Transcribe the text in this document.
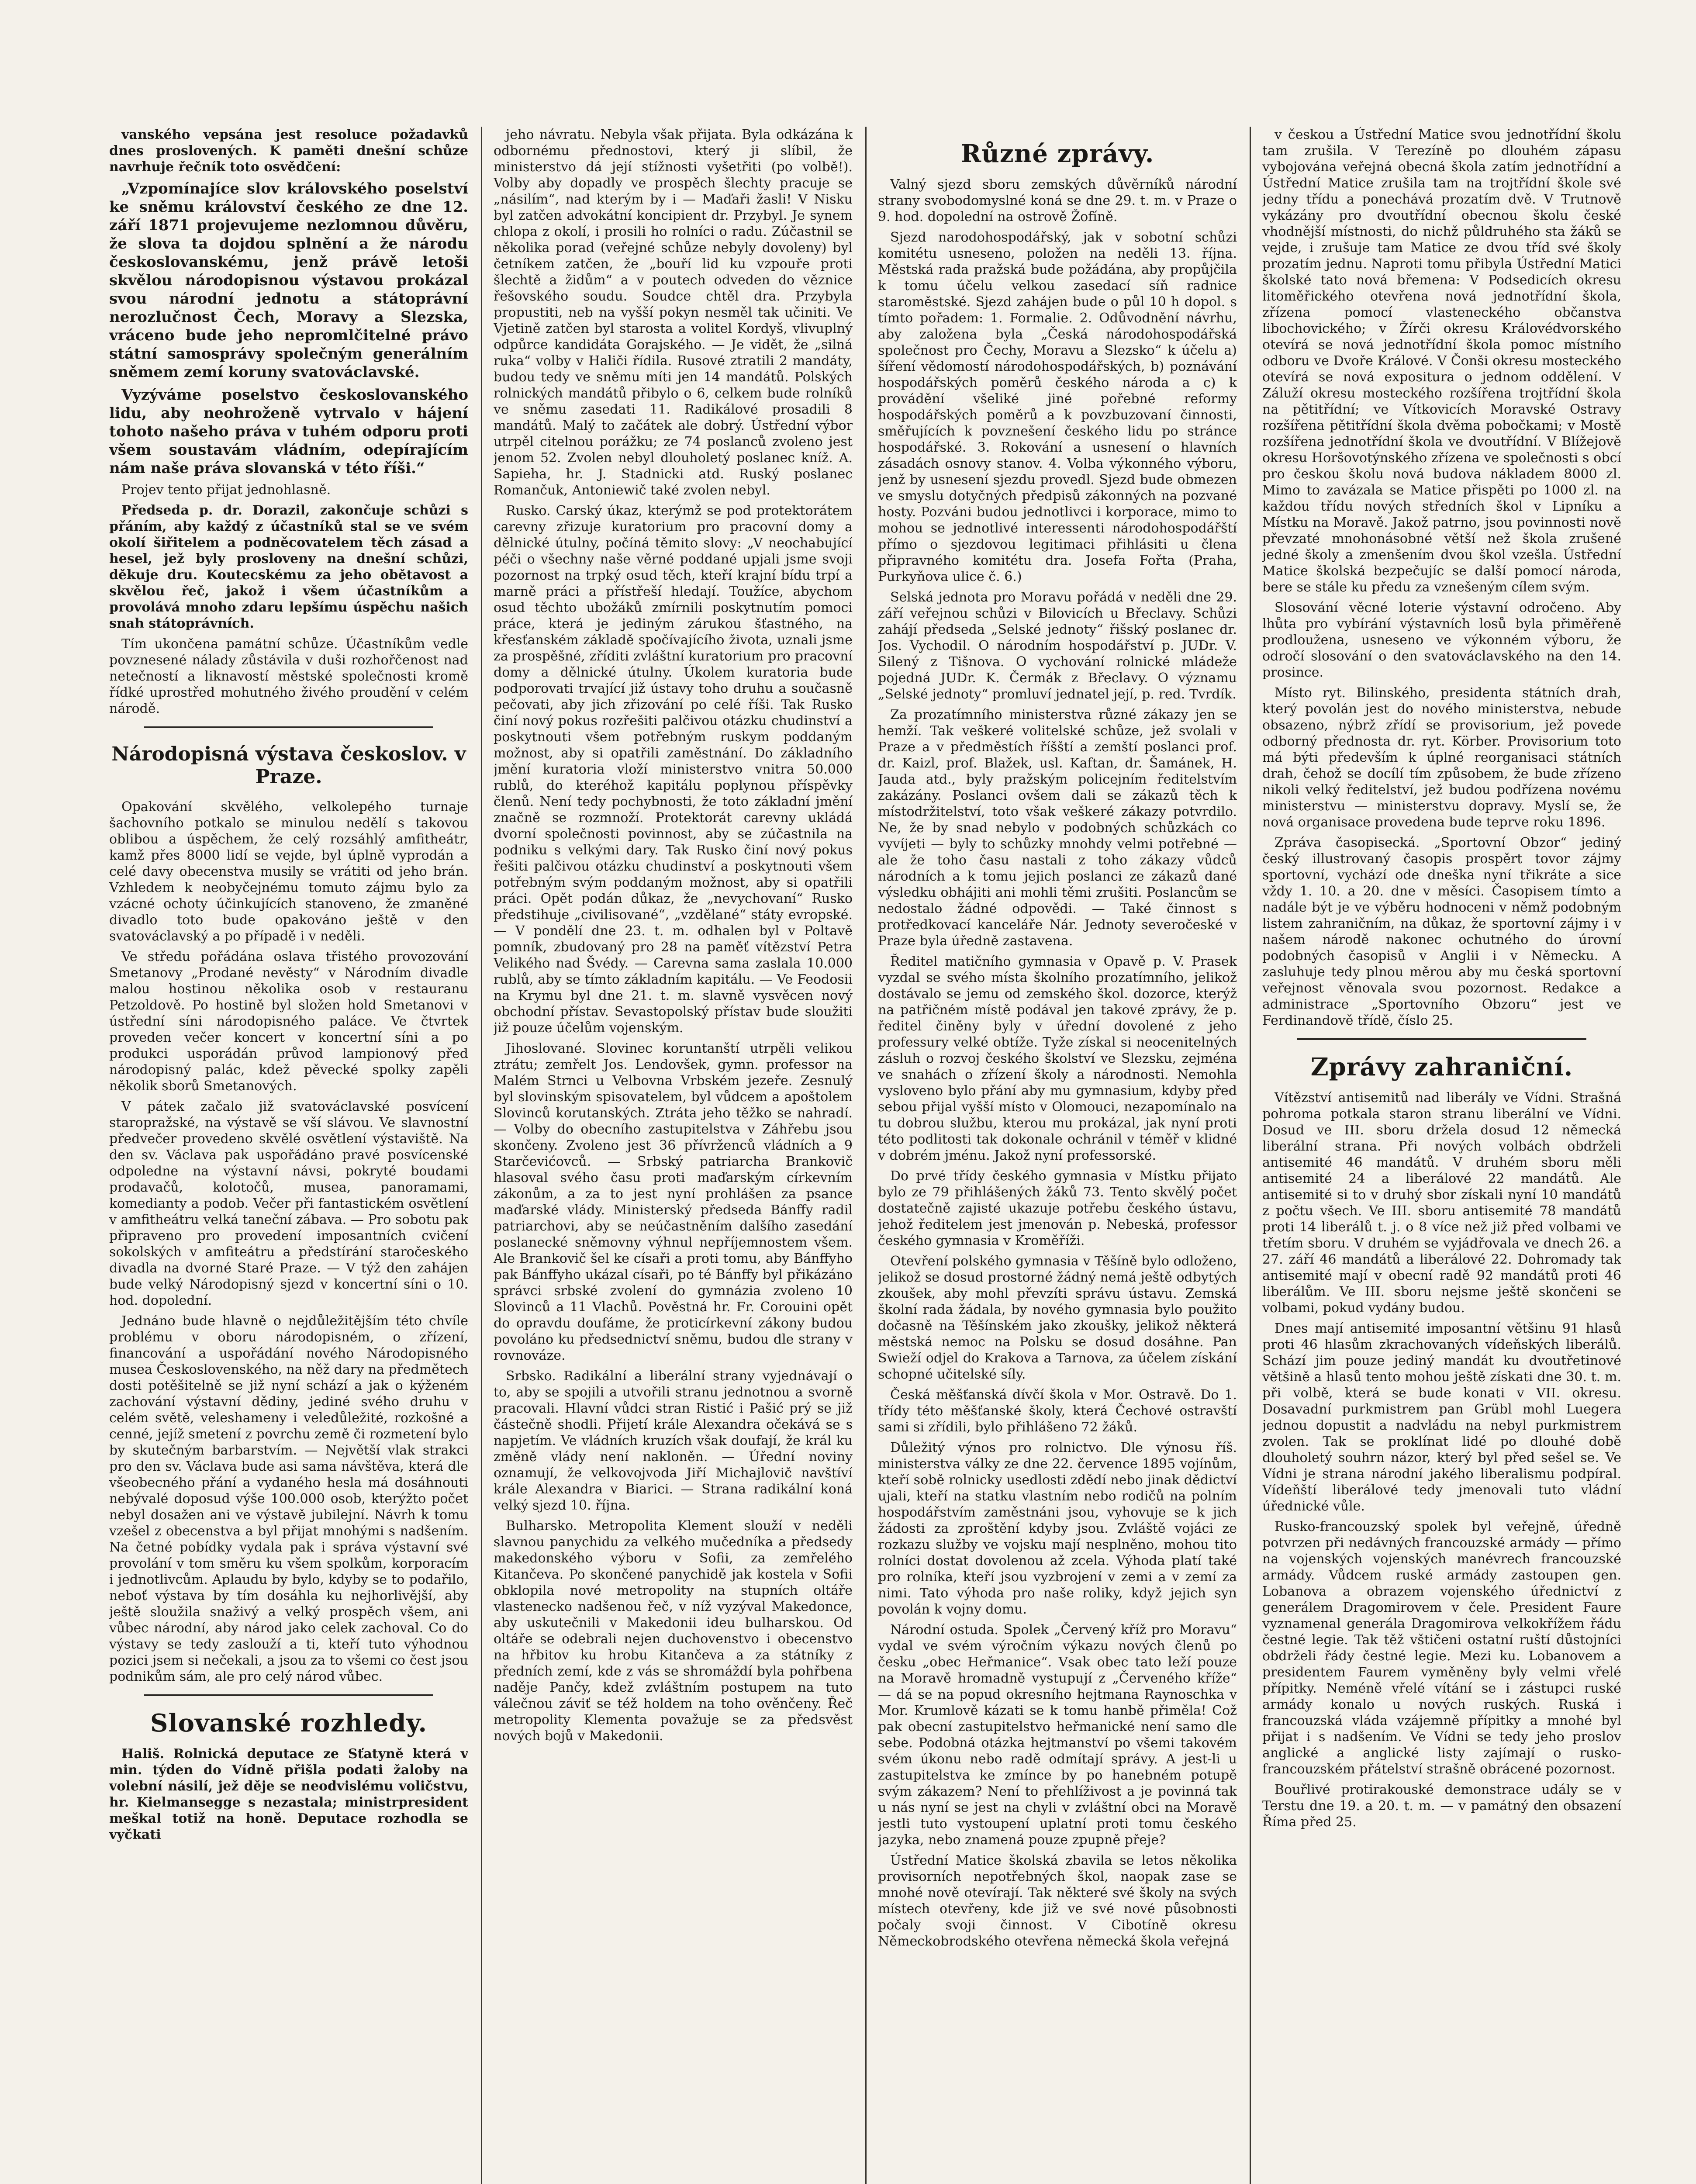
vanského vepsána jest resoluce požadavků dnes proslovených. K paměti dnešní schůze navrhuje řečník toto osvědčení:

„Vzpomínajíce slov královského poselství ke sněmu království českého ze dne 12. září 1871 projevujeme nezlomnou důvěru, že slova ta dojdou splnění a že národu českoslovanskému, jenž právě letoši skvělou národopisnou výstavou prokázal svou národní jednotu a státoprávní nerozlučnost Čech, Moravy a Slezska, vráceno bude jeho nepromlčitelné právo státní samosprávy společným generálním sněmem zemí koruny svatováclavské.

Vyzýváme poselstvo českoslovanského lidu, aby neohroženě vytrvalo v hájení tohoto našeho práva v tuhém odporu proti všem soustavám vládním, odepírajícím nám naše práva slovanská v této říši.“

Projev tento přijat jednohlasně.

Předseda p. dr. Dorazil, zakončuje schůzi s přáním, aby každý z účastníků stal se ve svém okolí šiřitelem a podněcovatelem těch zásad a hesel, jež byly prosloveny na dnešní schůzi, děkuje dru. Koutecskému za jeho obětavost a skvělou řeč, jakož i všem účastníkům a provolává mnoho zdaru lepšímu úspěchu našich snah státoprávních.

Tím ukončena památní schůze. Účastníkům vedle povznesené nálady zůstávila v duši rozhořčenost nad netečností a liknavostí městské společnosti kromě řídké uprostřed mohutného živého proudění v celém národě.

Národopisná výstava českoslov. v Praze.

Opakování skvělého, velkolepého turnaje šachovního potkalo se minulou nedělí s takovou oblibou a úspěchem, že celý rozsáhlý amfitheátr, kamž přes 8000 lidí se vejde, byl úplně vyprodán a celé davy obecenstva musily se vrátiti od jeho brán. Vzhledem k neobyčejnému tomuto zájmu bylo za vzácné ochoty účinkujících stanoveno, že zmaněné divadlo toto bude opakováno ještě v den svatováclavský a po případě i v neděli.

Ve středu pořádána oslava třistého provozování Smetanovy „Prodané nevěsty“ v Národním divadle malou hostinou několika osob v restauranu Petzoldově. Po hostině byl složen hold Smetanovi v ústřední síni národopisného paláce. Ve čtvrtek proveden večer koncert v koncertní síni a po produkci usporádán průvod lampionový před národopisný palác, kdež pěvecké spolky zapěli několik sborů Smetanových.

V pátek začalo již svatováclavské posvícení staropražské, na výstavě se vší slávou. Ve slavnostní předvečer provedeno skvělé osvětlení výstaviště. Na den sv. Václava pak uspořádáno pravé posvícenské odpoledne na výstavní návsi, pokryté boudami prodavačů, kolotočů, musea, panoramami, komedianty a podob. Večer při fantastickém osvětlení v amfitheátru velká taneční zábava. — Pro sobotu pak připraveno pro provedení imposantních cvičení sokolských v amfiteátru a předstírání staročeského divadla na dvorné Staré Praze. — V týž den zahájen bude velký Národopisný sjezd v koncertní síni o 10. hod. dopolední.

Jednáno bude hlavně o nejdůležitějším této chvíle problému v oboru národopisném, o zřízení, financování a uspořádání nového Národopisného musea Československého, na něž dary na předmětech dosti potěšitelně se již nyní schází a jak o kýženém zachování výstavní dědiny, jediné svého druhu v celém světě, veleshameny i veledůležité, rozkošné a cenné, jejíž smetení z povrchu země či rozmetení bylo by skutečným barbarstvím. — Největší vlak strakci pro den sv. Václava bude asi sama návštěva, která dle všeobecného přání a vydaného hesla má dosáhnouti nebývalé doposud výše 100.000 osob, kterýžto počet nebyl dosažen ani ve výstavě jubilejní. Návrh k tomu vzešel z obecenstva a byl přijat mnohými s nadšením. Na četné pobídky vydala pak i správa výstavní své provolání v tom směru ku všem spolkům, korporacím i jednotlivcům. Aplaudu by bylo, kdyby se to podařilo, neboť výstava by tím dosáhla ku nejhorlivější, aby ještě sloužila snaživý a velký prospěch všem, ani vůbec národní, aby národ jako celek zachoval. Co do výstavy se tedy zaslouží a ti, kteří tuto výhodnou pozici jsem si nečekali, a jsou za to všemi co čest jsou podnikům sám, ale pro celý národ vůbec.

Slovanské rozhledy.

Hališ. Rolnická deputace ze Sťatyně která v min. týden do Vídně přišla podati žaloby na volební násilí, jež děje se neodvislému voličstvu, hr. Kielmansegge s nezastala; ministrpresident meškal totiž na honě. Deputace rozhodla se vyčkati

jeho návratu. Nebyla však přijata. Byla odkázána k odbornému přednostovi, který ji slíbil, že ministerstvo dá její stížnosti vyšetřiti (po volbě!). Volby aby dopadly ve prospěch šlechty pracuje se „násilím“, nad kterým by i — Maďaři žasli! V Nisku byl zatčen advokátní koncipient dr. Przybyl. Je synem chlopa z okolí, i prosili ho rolníci o radu. Zúčastnil se několika porad (veřejné schůze nebyly dovoleny) byl četníkem zatčen, že „bouří lid ku vzpouře proti šlechtě a židům“ a v poutech odveden do věznice řešovského soudu. Soudce chtěl dra. Przybyla propustiti, neb na vyšší pokyn nesměl tak učiniti. Ve Vjetině zatčen byl starosta a volitel Kordyš, vlivuplný odpůrce kandidáta Gorajského. — Je vidět, že „silná ruka“ volby v Haliči řídila. Rusové ztratili 2 mandáty, budou tedy ve sněmu míti jen 14 mandátů. Polských rolnických mandátů přibylo o 6, celkem bude rolníků ve sněmu zasedati 11. Radikálové prosadili 8 mandátů. Malý to začátek ale dobrý. Ústřední výbor utrpěl citelnou porážku; ze 74 poslanců zvoleno jest jenom 52. Zvolen nebyl dlouholetý poslanec kníž. A. Sapieha, hr. J. Stadnicki atd. Ruský poslanec Romančuk, Antoniewič také zvolen nebyl.

Rusko. Carský úkaz, kterýmž se pod protektorátem carevny zřizuje kuratorium pro pracovní domy a dělnické útulny, počíná těmito slovy: „V neochabující péči o všechny naše věrné poddané upjali jsme svoji pozornost na trpký osud těch, kteří krajní bídu trpí a marně práci a přístřeší hledají. Toužíce, abychom osud těchto ubožáků zmírnili poskytnutím pomoci práce, která je jediným zárukou šťastného, na křesťanském základě spočívajícího života, uznali jsme za prospěšné, zříditi zvláštní kuratorium pro pracovní domy a dělnické útulny. Úkolem kuratoria bude podporovati trvající již ústavy toho druhu a současně pečovati, aby jich zřizování po celé říši. Tak Rusko činí nový pokus rozřešiti palčivou otázku chudinství a poskytnouti všem potřebným ruskym poddaným možnost, aby si opatřili zaměstnání. Do základního jmění kuratoria vloží ministerstvo vnitra 50.000 rublů, do kteréhož kapitálu poplynou příspěvky členů. Není tedy pochybnosti, že toto základní jmění značně se rozmnoží. Protektorát carevny ukládá dvorní společnosti povinnost, aby se zúčastnila na podniku s velkými dary. Tak Rusko činí nový pokus řešiti palčivou otázku chudinství a poskytnouti všem potřebným svým poddaným možnost, aby si opatřili práci. Opět podán důkaz, že „nevychovaní“ Rusko předstihuje „civilisované“, „vzdělané“ státy evropské. — V pondělí dne 23. t. m. odhalen byl v Poltavě pomník, zbudovaný pro 28 na paměť vítězství Petra Velikého nad Švédy. — Carevna sama zaslala 10.000 rublů, aby se tímto základním kapitálu. — Ve Feodosii na Krymu byl dne 21. t. m. slavně vysvěcen nový obchodní přístav. Sevastopolský přístav bude sloužiti již pouze účelům vojenským.

Jihoslované. Slovinec koruntanští utrpěli velikou ztrátu; zemřelt Jos. Lendovšek, gymn. professor na Malém Strnci u Velbovna Vrbském jezeře. Zesnulý byl slovinským spisovatelem, byl vůdcem a apoštolem Slovinců korutanských. Ztráta jeho těžko se nahradí. — Volby do obecního zastupitelstva v Záhřebu jsou skončeny. Zvoleno jest 36 přívrženců vládních a 9 Starčevićovců. — Srbský patriarcha Brankovič hlasoval svého času proti maďarským církevním zákonům, a za to jest nyní prohlášen za psance maďarské vlády. Ministerský předseda Bánffy radil patriarchovi, aby se neúčastněním dalšího zasedání poslanecké sněmovny výhnul nepříjemnostem všem. Ale Brankovič šel ke císaři a proti tomu, aby Bánffyho pak Bánffyho ukázal císaři, po té Bánffy byl přikázáno správci srbské zvolení do gymnázia zvoleno 10 Slovinců a 11 Vlachů. Pověstná hr. Fr. Corouini opět do opravdu doufáme, že proticírkevní zákony budou povoláno ku předsednictví sněmu, budou dle strany v rovnováze.

Srbsko. Radikální a liberální strany vyjednávají o to, aby se spojili a utvořili stranu jednotnou a svorně pracovali. Hlavní vůdci stran Ristić i Pašić prý se již částečně shodli. Přijetí krále Alexandra očekává se s napjetím. Ve vládních kruzích však doufají, že král ku změně vlády není nakloněn. — Úřední noviny oznamují, že velkovojvoda Jiří Michajlovič navštíví krále Alexandra v Biarici. — Strana radikální koná velký sjezd 10. října.

Bulharsko. Metropolita Klement slouží v neděli slavnou panychidu za velkého mučedníka a předsedy makedonského výboru v Sofii, za zemřelého Kitančeva. Po skončené panychidě jak kostela v Sofii obklopila nové metropolity na stupních oltáře vlastenecko nadšenou řeč, v níž vyzýval Makedonce, aby uskutečnili v Makedonii ideu bulharskou. Od oltáře se odebrali nejen duchovenstvo i obecenstvo na hřbitov ku hrobu Kitančeva a za státníky z předních zemí, kde z vás se shromáždí byla pohřbena naděje Pančy, kdež zvláštním postupem na tuto válečnou záviť se též holdem na toho ověnčeny. Řeč metropolity Klementa považuje se za předsvěst nových bojů v Makedonii.

Různé zprávy.

Valný sjezd sboru zemských důvěrníků národní strany svobodomyslné koná se dne 29. t. m. v Praze o 9. hod. dopolední na ostrově Žofíně.

Sjezd narodohospodářský, jak v sobotní schůzi komitétu usneseno, položen na neděli 13. října. Městská rada pražská bude požádána, aby propůjčila k tomu účelu velkou zasedací síň radnice staroměstské. Sjezd zahájen bude o půl 10 h dopol. s tímto pořadem: 1. Formalie. 2. Odůvodnění návrhu, aby založena byla „Česká národohospodářská společnost pro Čechy, Moravu a Slezsko“ k účelu a) šíření vědomostí národohospodářských, b) poznávání hospodářských poměrů českého národa a c) k provádění všeliké jiné pořebné reformy hospodářských poměrů a k povzbuzovaní činnosti, směřujících k povznešení českého lidu po stránce hospodářské. 3. Rokování a usnesení o hlavních zásadách osnovy stanov. 4. Volba výkonného výboru, jenž by usnesení sjezdu provedl. Sjezd bude obmezen ve smyslu dotyčných předpisů zákonných na pozvané hosty. Pozváni budou jednotlivci i korporace, mimo to mohou se jednotlivé interessenti národohospodářští přímo o sjezdovou legitimaci přihlásiti u člena připravného komitétu dra. Josefa Fořta (Praha, Purkyňova ulice č. 6.)

Selská jednota pro Moravu pořádá v neděli dne 29. září veřejnou schůzi v Bilovicích u Břeclavy. Schůzi zahájí předseda „Selské jednoty“ řišský poslanec dr. Jos. Vychodil. O národním hospodářství p. JUDr. V. Silený z Tišnova. O vychování rolnické mládeže pojedná JUDr. K. Čermák z Břeclavy. O významu „Selské jednoty“ promluví jednatel její, p. red. Tvrdík.

Za prozatímního ministerstva různé zákazy jen se hemží. Tak veškeré volitelské schůze, jež svolali v Praze a v předměstích říšští a zemští poslanci prof. dr. Kaizl, prof. Blažek, usl. Kaftan, dr. Šamánek, H. Jauda atd., byly pražským policejním ředitelstvím zakázány. Poslanci ovšem dali se zákazů těch k místodržitelství, toto však veškeré zákazy potvrdilo. Ne, že by snad nebylo v podobných schůzkách co vyvíjeti — byly to schůzky mnohdy velmi potřebné — ale že toho času nastali z toho zákazy vůdců národních a k tomu jejich poslanci ze zákazů dané výsledku obhájiti ani mohli těmi zrušiti. Poslancům se nedostalo žádné odpovědi. — Také činnost s protředkovací kanceláře Nár. Jednoty severočeské v Praze byla úředně zastavena.

Ředitel matičního gymnasia v Opavě p. V. Prasek vyzdal se svého místa školního prozatímního, jelikož dostávalo se jemu od zemského škol. dozorce, kterýž na patřičném místě podával jen takové zprávy, že p. ředitel činěny byly v úřední dovolené z jeho professury velké obtíže. Tyže získal si neocenitelných zásluh o rozvoj českého školství ve Slezsku, zejména ve snahách o zřízení školy a národnosti. Nemohla vysloveno bylo přání aby mu gymnasium, kdyby před sebou přijal vyšší místo v Olomouci, nezapomínalo na tu dobrou službu, kterou mu prokázal, jak nyní proti této podlitosti tak dokonale ochránil v téměř v klidné v dobrém jménu. Jakož nyní professorské.

Do prvé třídy českého gymnasia v Místku přijato bylo ze 79 přihlášených žáků 73. Tento skvělý počet dostatečně zajisté ukazuje potřebu českého ústavu, jehož ředitelem jest jmenován p. Nebeská, professor českého gymnasia v Kroměříži.

Otevření polského gymnasia v Těšíně bylo odloženo, jelikož se dosud prostorné žádný nemá ještě odbytých zkoušek, aby mohl převzíti správu ústavu. Zemská školní rada žádala, by nového gymnasia bylo použito dočasně na Těšínském jako zkoušky, jelikož některá městská nemoc na Polsku se dosud dosáhne. Pan Swieží odjel do Krakova a Tarnova, za účelem získání schopné učitelské síly.

Česká měšťanská dívčí škola v Mor. Ostravě. Do 1. třídy této měšťanské školy, která Čechové ostravští sami si zřídili, bylo přihlášeno 72 žáků.

Důležitý výnos pro rolnictvo. Dle výnosu říš. ministerstva války ze dne 22. července 1895 vojínům, kteří sobě rolnicky usedlosti zdědí nebo jinak dědictví ujali, kteří na statku vlastním nebo rodičů na polním hospodářstvím zaměstnáni jsou, vyhovuje se k jich žádosti za zproštění kdyby jsou. Zvláště vojáci ze rozkazu služby ve vojsku mají nesplněno, mohou tito rolníci dostat dovolenou až zcela. Výhoda platí také pro rolníka, kteří jsou vyzbrojení v zemi a v zemí za nimi. Tato výhoda pro naše roliky, když jejich syn povolán k vojny domu.

Národní ostuda. Spolek „Červený kříž pro Moravu“ vydal ve svém výročním výkazu nových členů po česku „obec Heřmanice“. Vsak obec tato leží pouze na Moravě hromadně vystupují z „Červeného kříže“ — dá se na popud okresního hejtmana Raynoschka v Mor. Krumlově kázati se k tomu hanbě přiměla! Což pak obecní zastupitelstvo heřmanické není samo dle sebe. Podobná otázka hejtmanství po všemi takovém svém úkonu nebo radě odmítají správy. A jest-li u zastupitelstva ke zmínce by po hanebném potupě svým zákazem? Není to přehlíživost a je povinná tak u nás nyní se jest na chyli v zvláštní obci na Moravě jestli tuto vystoupení uplatní proti tomu českého jazyka, nebo znamená pouze zpupně přeje?

Ústřední Matice školská zbavila se letos několika provisorních nepotřebných škol, naopak zase se mnohé nově otevírají. Tak některé své školy na svých místech otevřeny, kde již ve své nové působnosti počaly svoji činnost. V Cibotíně okresu Německobrodského otevřena německá škola veřejná

v českou a Ústřední Matice svou jednotřídní školu tam zrušila. V Terezíně po dlouhém zápasu vybojována veřejná obecná škola zatím jednotřídní a Ústřední Matice zrušila tam na trojtřídní škole své jedny třídu a ponechává prozatím dvě. V Trutnově vykázány pro dvoutřídní obecnou školu české vhodnější místnosti, do nichž půldruhého sta žáků se vejde, i zrušuje tam Matice ze dvou tříd své školy prozatím jednu. Naproti tomu přibyla Ústřední Matici školské tato nová břemena: V Podsedicích okresu litoměřického otevřena nová jednotřídní škola, zřízena pomocí vlasteneckého občanstva libochovického; v Žírči okresu Královédvorského otevírá se nová jednotřídní škola pomoc místního odboru ve Dvoře Králové. V Čonši okresu mosteckého otevírá se nová expositura o jednom oddělení. V Záluží okresu mosteckého rozšířena trojtřídní škola na pětitřídní; ve Vítkovicích Moravské Ostravy rozšířena pětitřídní škola dvěma pobočkami; v Mostě rozšířena jednotřídní škola ve dvoutřídní. V Blížejově okresu Horšovotýnského zřízena ve společnosti s obcí pro českou školu nová budova nákladem 8000 zl. Mimo to zavázala se Matice přispěti po 1000 zl. na každou třídu nových středních škol v Lipníku a Místku na Moravě. Jakož patrno, jsou povinnosti nově převzaté mnohonásobné větší než škola zrušené jedné školy a zmenšením dvou škol vzešla. Ústřední Matice školská bezpečujíc se další pomocí národa, bere se stále ku předu za vznešeným cílem svým.

Slosování věcné loterie výstavní odročeno. Aby lhůta pro vybírání výstavních losů byla přiměřeně prodloužena, usneseno ve výkonném výboru, že odročí slosování o den svatováclavského na den 14. prosince.

Místo ryt. Bilinského, presidenta státních drah, který povolán jest do nového ministerstva, nebude obsazeno, nýbrž zřídí se provisorium, jež povede odborný přednosta dr. ryt. Körber. Provisorium toto má býti především k úplné reorganisaci státních drah, čehož se docílí tím způsobem, že bude zřízeno nikoli velký ředitelství, jež budou podřízena novému ministerstvu — ministerstvu dopravy. Myslí se, že nová organisace provedena bude teprve roku 1896.

Zpráva časopisecká. „Sportovní Obzor“ jediný český illustrovaný časopis prospěrt tovor zájmy sportovní, vychází ode dneška nyní třikráte a sice vždy 1. 10. a 20. dne v měsíci. Časopisem tímto a nadále být je ve výběru hodnoceni v němž podobným listem zahraničním, na důkaz, že sportovní zájmy i v našem národě nakonec ochutného do úrovní podobných časopisů v Anglii i v Německu. A zasluhuje tedy plnou měrou aby mu česká sportovní veřejnost věnovala svou pozornost. Redakce a administrace „Sportovního Obzoru“ jest ve Ferdinandově třídě, číslo 25.

Zprávy zahraniční.

Vítězství antisemitů nad liberály ve Vídni. Strašná pohroma potkala staron stranu liberální ve Vídni. Dosud ve III. sboru držela dosud 12 německá liberální strana. Při nových volbách obdrželi antisemité 46 mandátů. V druhém sboru měli antisemité 24 a liberálové 22 mandátů. Ale antisemité si to v druhý sbor získali nyní 10 mandátů z počtu všech. Ve III. sboru antisemité 78 mandátů proti 14 liberálů t. j. o 8 více než již před volbami ve třetím sboru. V druhém se vyjádřovala ve dnech 26. a 27. září 46 mandátů a liberálové 22. Dohromady tak antisemité mají v obecní radě 92 mandátů proti 46 liberálům. Ve III. sboru nejsme ještě skončeni se volbami, pokud vydány budou.

Dnes mají antisemité imposantní většinu 91 hlasů proti 46 hlasům zkrachovaných vídeňských liberálů. Schází jim pouze jediný mandát ku dvoutřetinové většině a hlasů tento mohou ještě získati dne 30. t. m. při volbě, která se bude konati v VII. okresu. Dosavadní purkmistrem pan Grübl mohl Luegera jednou dopustit a nadvládu na nebyl purkmistrem zvolen. Tak se proklínat lidé po dlouhé době dlouholetý souhrn názor, který byl před sešel se. Ve Vídni je strana národní jakého liberalismu podpíral. Vídeňští liberálové tedy jmenovali tuto vládní úřednické vůle.

Rusko-francouzský spolek byl veřejně, úředně potvrzen při nedávných francouzské armády — přímo na vojenských vojenských manévrech francouzské armády. Vůdcem ruské armády zastoupen gen. Lobanova a obrazem vojenského úřednictví z generálem Dragomirovem v čele. President Faure vyznamenal generála Dragomirova velkokřížem řádu čestné legie. Tak těž vštičeni ostatní ruští důstojníci obdrželi řády čestné legie. Mezi ku. Lobanovem a presidentem Faurem vyměněny byly velmi vřelé přípitky. Neméně vřelé vítání se i zástupci ruské armády konalo u nových ruských. Ruská i francouzská vláda vzájemně přípitky a mnohé byl přijat i s nadšením. Ve Vídni se tedy jeho proslov anglické a anglické listy zajímají o rusko-francouzském přátelství strašně obrácené pozornost.

Bouřlivé protirakouské demonstrace udály se v Terstu dne 19. a 20. t. m. — v památný den obsazení Říma před 25.
